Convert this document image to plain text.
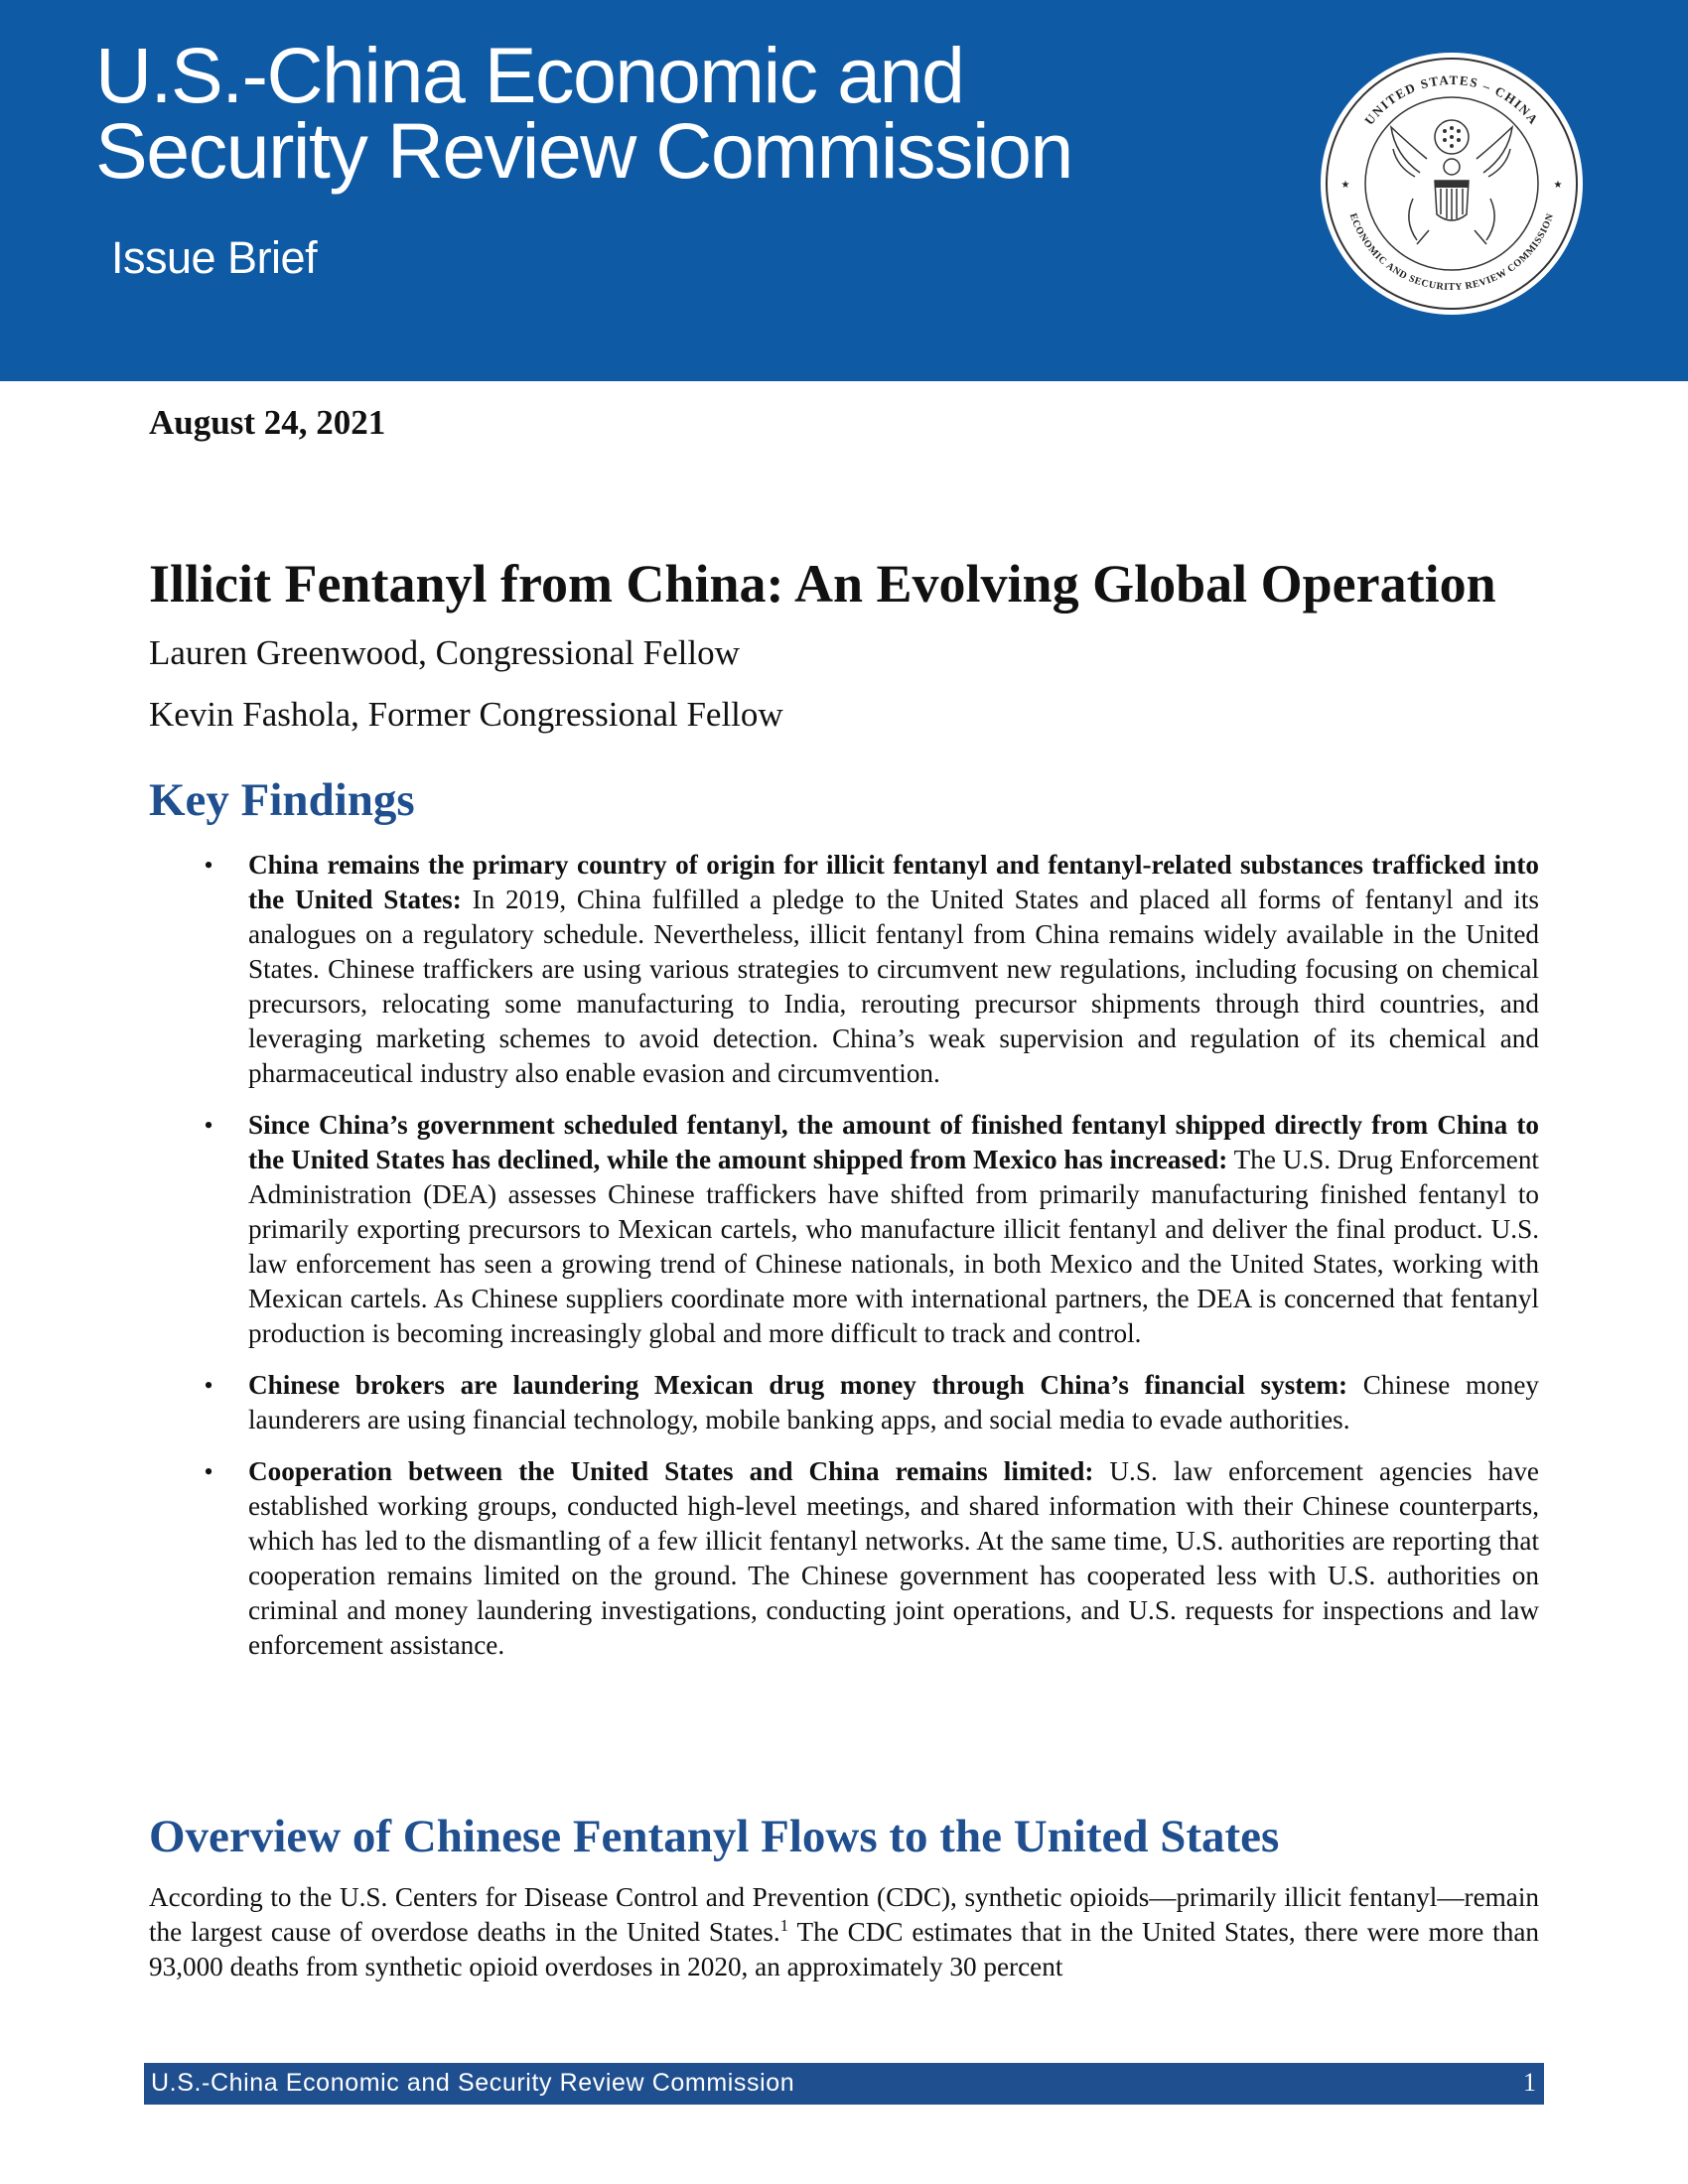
U.S.-China Economic and
Security Review Commission
Issue Brief
UNITED STATES – CHINA
ECONOMIC AND SECURITY REVIEW COMMISSION
★	★
August 24, 2021
Illicit Fentanyl from China: An Evolving Global Operation
Lauren Greenwood, Congressional Fellow
Kevin Fashola, Former Congressional Fellow
Key Findings
• China remains the primary country of origin for illicit fentanyl and fentanyl-related substances trafficked into the United States: In 2019, China fulfilled a pledge to the United States and placed all forms of fentanyl and its analogues on a regulatory schedule. Nevertheless, illicit fentanyl from China remains widely available in the United States. Chinese traffickers are using various strategies to circumvent new regulations, including focusing on chemical precursors, relocating some manufacturing to India, rerouting precursor shipments through third countries, and leveraging marketing schemes to avoid detection. China’s weak supervision and regulation of its chemical and pharmaceutical industry also enable evasion and circumvention.
• Since China’s government scheduled fentanyl, the amount of finished fentanyl shipped directly from China to the United States has declined, while the amount shipped from Mexico has increased: The U.S. Drug Enforcement Administration (DEA) assesses Chinese traffickers have shifted from primarily manufacturing finished fentanyl to primarily exporting precursors to Mexican cartels, who manufacture illicit fentanyl and deliver the final product. U.S. law enforcement has seen a growing trend of Chinese nationals, in both Mexico and the United States, working with Mexican cartels. As Chinese suppliers coordinate more with international partners, the DEA is concerned that fentanyl production is becoming increasingly global and more difficult to track and control.
• Chinese brokers are laundering Mexican drug money through China’s financial system: Chinese money launderers are using financial technology, mobile banking apps, and social media to evade authorities.
• Cooperation between the United States and China remains limited: U.S. law enforcement agencies have established working groups, conducted high-level meetings, and shared information with their Chinese counterparts, which has led to the dismantling of a few illicit fentanyl networks. At the same time, U.S. authorities are reporting that cooperation remains limited on the ground. The Chinese government has cooperated less with U.S. authorities on criminal and money laundering investigations, conducting joint operations, and U.S. requests for inspections and law enforcement assistance.
Overview of Chinese Fentanyl Flows to the United States

According to the U.S. Centers for Disease Control and Prevention (CDC), synthetic opioids—primarily illicit fentanyl—remain the largest cause of overdose deaths in the United States.$^1$ The CDC estimates that in the United States, there were more than 93,000 deaths from synthetic opioid overdoses in 2020, an approximately 30 percent

U.S.-China Economic and Security Review Commission	1
